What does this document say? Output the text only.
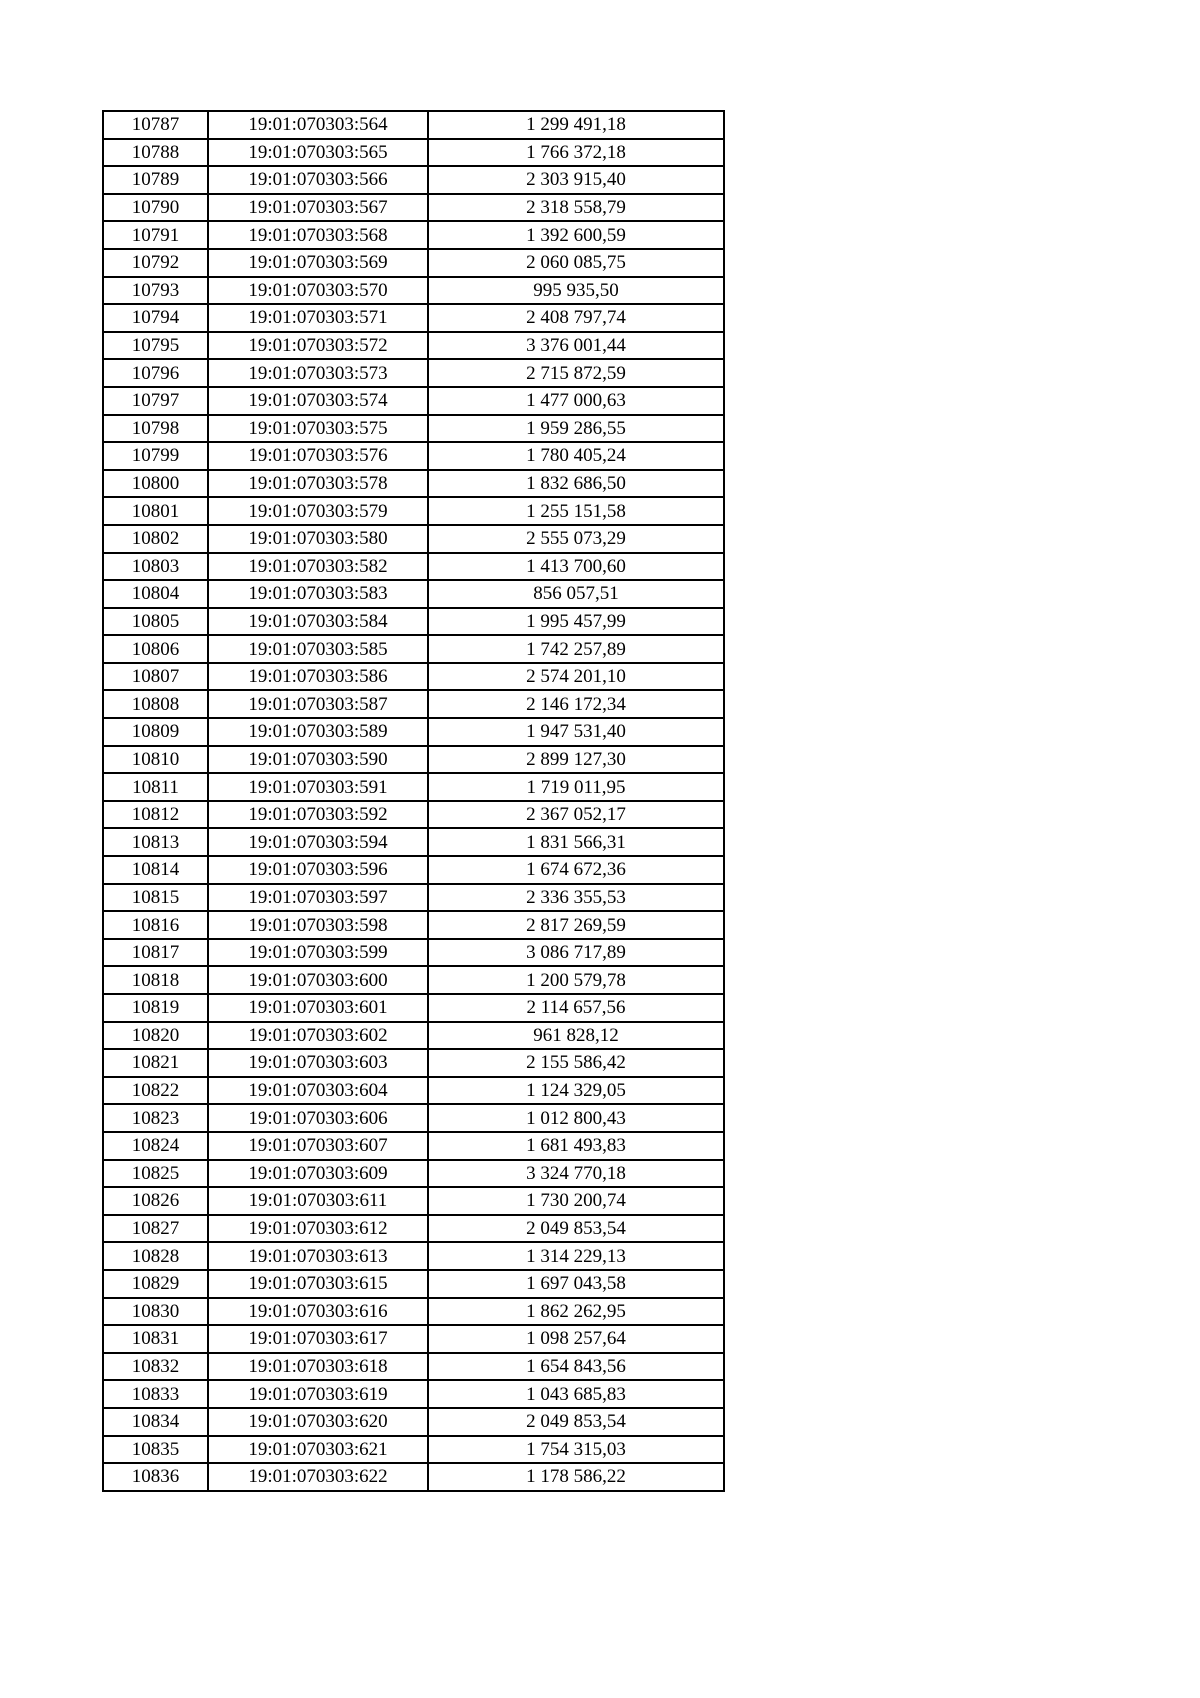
10787	19:01:070303:564	1 299 491,18
10788	19:01:070303:565	1 766 372,18
10789	19:01:070303:566	2 303 915,40
10790	19:01:070303:567	2 318 558,79
10791	19:01:070303:568	1 392 600,59
10792	19:01:070303:569	2 060 085,75
10793	19:01:070303:570	995 935,50
10794	19:01:070303:571	2 408 797,74
10795	19:01:070303:572	3 376 001,44
10796	19:01:070303:573	2 715 872,59
10797	19:01:070303:574	1 477 000,63
10798	19:01:070303:575	1 959 286,55
10799	19:01:070303:576	1 780 405,24
10800	19:01:070303:578	1 832 686,50
10801	19:01:070303:579	1 255 151,58
10802	19:01:070303:580	2 555 073,29
10803	19:01:070303:582	1 413 700,60
10804	19:01:070303:583	856 057,51
10805	19:01:070303:584	1 995 457,99
10806	19:01:070303:585	1 742 257,89
10807	19:01:070303:586	2 574 201,10
10808	19:01:070303:587	2 146 172,34
10809	19:01:070303:589	1 947 531,40
10810	19:01:070303:590	2 899 127,30
10811	19:01:070303:591	1 719 011,95
10812	19:01:070303:592	2 367 052,17
10813	19:01:070303:594	1 831 566,31
10814	19:01:070303:596	1 674 672,36
10815	19:01:070303:597	2 336 355,53
10816	19:01:070303:598	2 817 269,59
10817	19:01:070303:599	3 086 717,89
10818	19:01:070303:600	1 200 579,78
10819	19:01:070303:601	2 114 657,56
10820	19:01:070303:602	961 828,12
10821	19:01:070303:603	2 155 586,42
10822	19:01:070303:604	1 124 329,05
10823	19:01:070303:606	1 012 800,43
10824	19:01:070303:607	1 681 493,83
10825	19:01:070303:609	3 324 770,18
10826	19:01:070303:611	1 730 200,74
10827	19:01:070303:612	2 049 853,54
10828	19:01:070303:613	1 314 229,13
10829	19:01:070303:615	1 697 043,58
10830	19:01:070303:616	1 862 262,95
10831	19:01:070303:617	1 098 257,64
10832	19:01:070303:618	1 654 843,56
10833	19:01:070303:619	1 043 685,83
10834	19:01:070303:620	2 049 853,54
10835	19:01:070303:621	1 754 315,03
10836	19:01:070303:622	1 178 586,22
